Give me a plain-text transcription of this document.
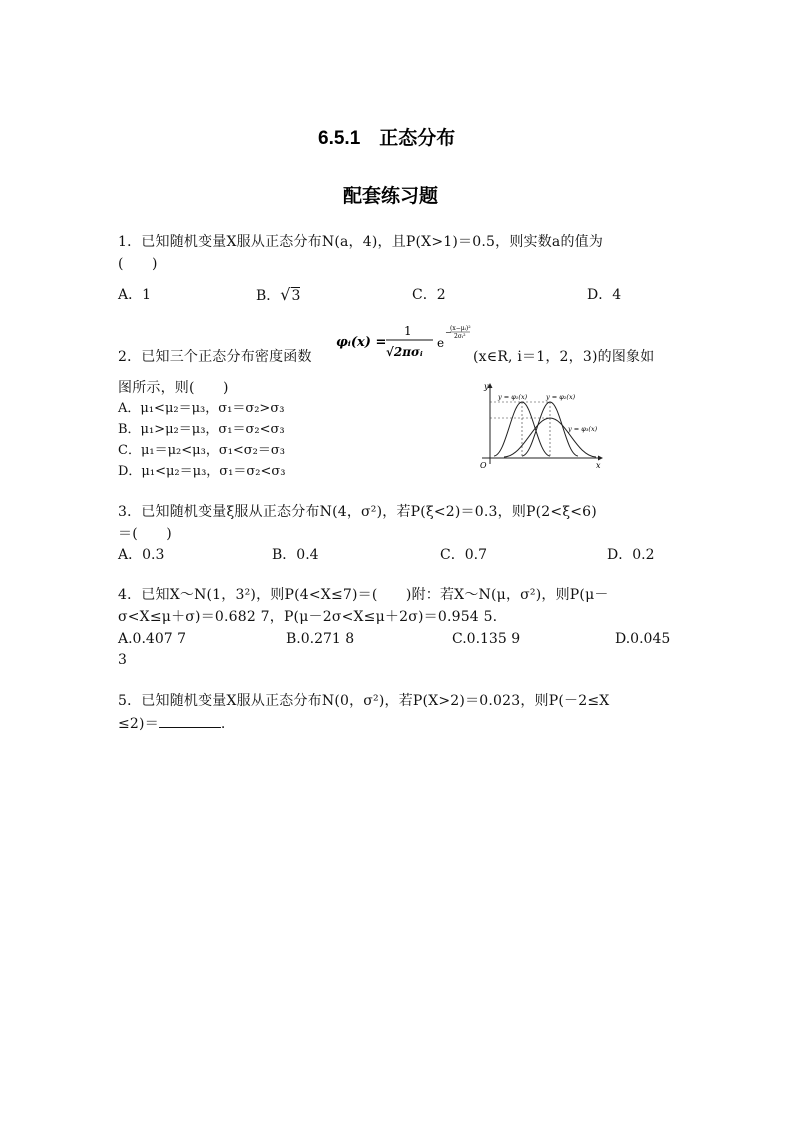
6.5.1　正态分布
配套练习题
1．已知随机变量X服从正态分布N(a，4)，且P(X>1)＝0.5，则实数a的值为
(　　)
A．1	B．√3	C．2	D．4
2．已知三个正态分布密度函数
φᵢ(x) =
1
√2πσᵢ
e
−
(x−μᵢ)²
2σᵢ²
(x∈R, i＝1，2，3)的图象如
图所示，则(　　)
A．μ₁<μ₂＝μ₃，σ₁＝σ₂>σ₃
B．μ₁>μ₂＝μ₃，σ₁＝σ₂<σ₃
C．μ₁＝μ₂<μ₃，σ₁<σ₂＝σ₃
D．μ₁<μ₂＝μ₃，σ₁＝σ₂<σ₃
y
x
O
y = φ₁(x)	y = φ₂(x)
y = φ₃(x)
3．已知随机变量ξ服从正态分布N(4，σ²)，若P(ξ<2)＝0.3，则P(2<ξ<6)
＝(　　)
A．0.3	B．0.4	C．0.7	D．0.2
4．已知X～N(1，3²)，则P(4<X≤7)＝(　　)附：若X～N(μ，σ²)，则P(μ－
σ<X≤μ＋σ)＝0.682 7，P(μ－2σ<X≤μ＋2σ)＝0.954 5.
A.0.407 7	B.0.271 8	C.0.135 9	D.0.045
3
5．已知随机变量X服从正态分布N(0，σ²)，若P(X>2)＝0.023，则P(－2≤X
≤2)＝	.
